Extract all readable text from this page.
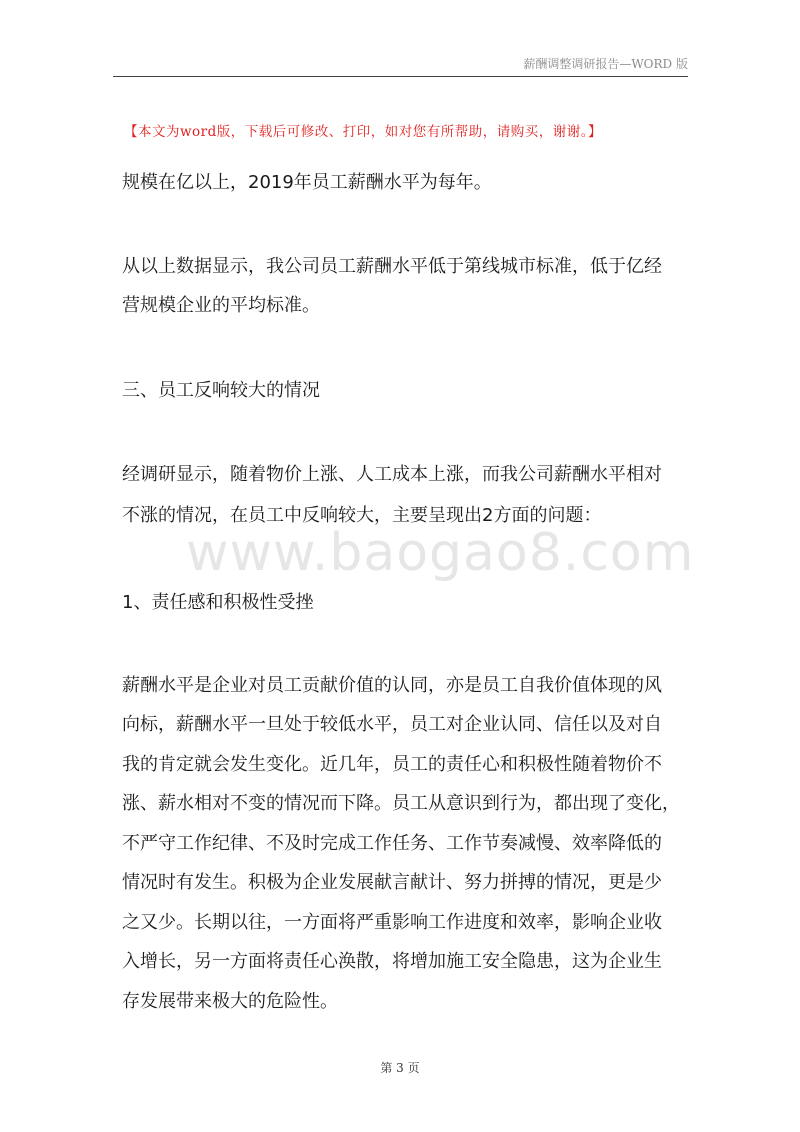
薪酬调整调研报告—WORD 版
【本文为word版，下载后可修改、打印，如对您有所帮助，请购买，谢谢。】
www.baogao8.com
规模在亿以上，2019年员工薪酬水平为每年。
从以上数据显示，我公司员工薪酬水平低于第线城市标准，低于亿经
营规模企业的平均标准。
三、员工反响较大的情况
经调研显示，随着物价上涨、人工成本上涨，而我公司薪酬水平相对
不涨的情况，在员工中反响较大，主要呈现出2方面的问题：
1、责任感和积极性受挫
薪酬水平是企业对员工贡献价值的认同，亦是员工自我价值体现的风
向标，薪酬水平一旦处于较低水平，员工对企业认同、信任以及对自
我的肯定就会发生变化。近几年，员工的责任心和积极性随着物价不
涨、薪水相对不变的情况而下降。员工从意识到行为，都出现了变化，
不严守工作纪律、不及时完成工作任务、工作节奏减慢、效率降低的
情况时有发生。积极为企业发展献言献计、努力拼搏的情况，更是少
之又少。长期以往，一方面将严重影响工作进度和效率，影响企业收
入增长，另一方面将责任心涣散，将增加施工安全隐患，这为企业生
存发展带来极大的危险性。
第 3 页
